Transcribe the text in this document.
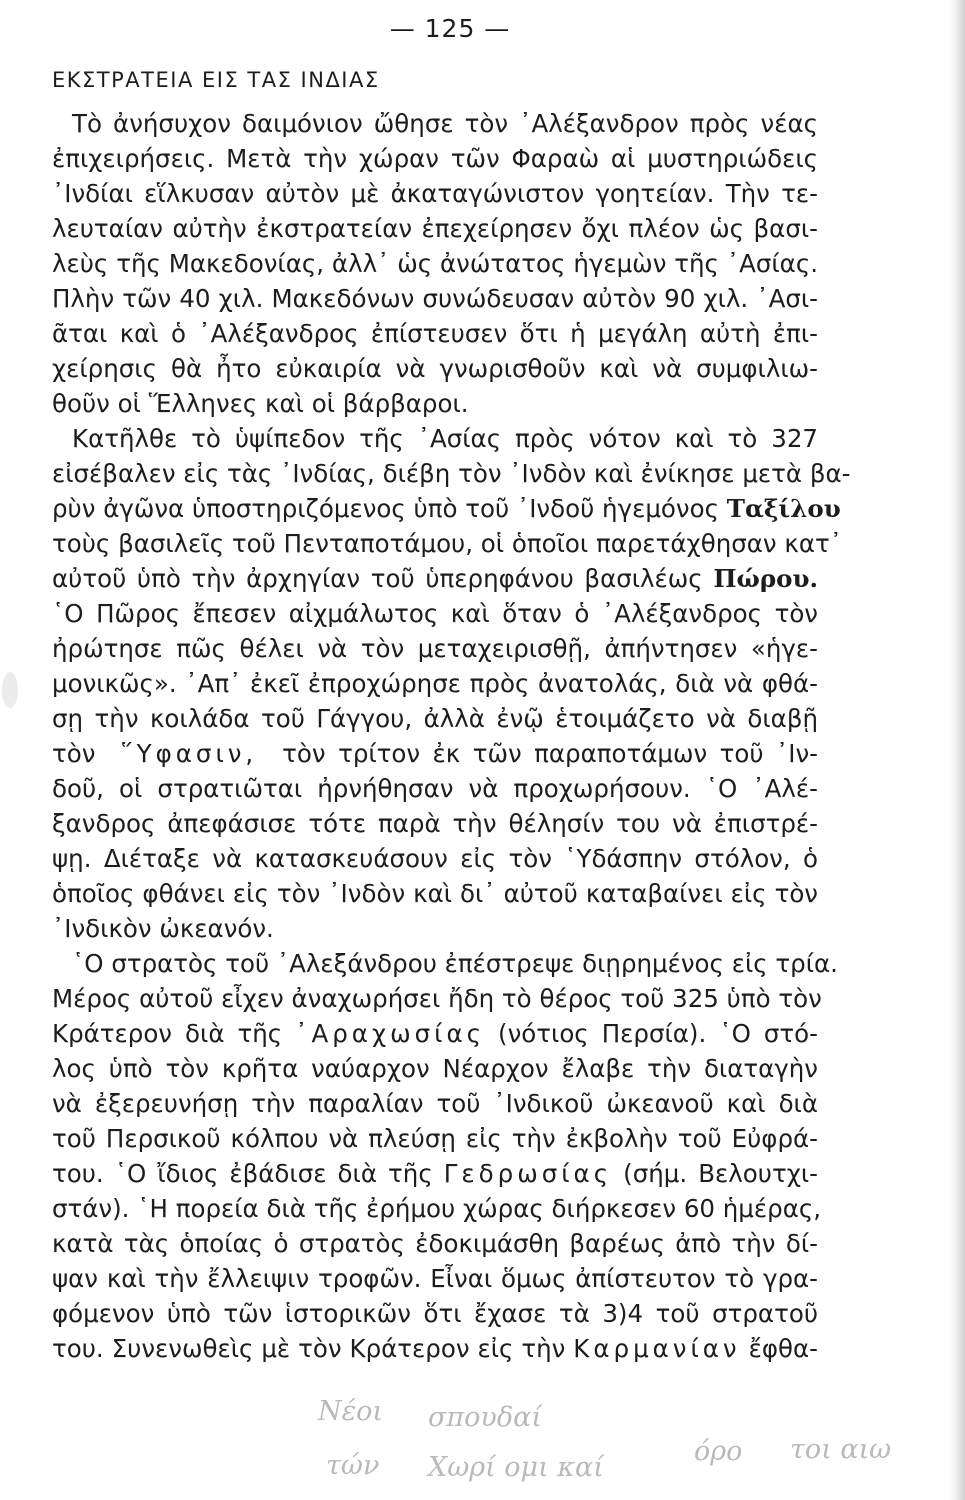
— 125 —
ΕΚΣΤΡΑΤΕΙΑ ΕΙΣ ΤΑΣ ΙΝΔΙΑΣ
Τὸ ἀνήσυχον δαιμόνιον ὤθησε τὸν ᾿Αλέξανδρον πρὸς νέας
ἐπιχειρήσεις. Μετὰ τὴν χώραν τῶν Φαραὼ αἱ μυστηριώδεις
᾿Ινδίαι εἵλκυσαν αὐτὸν μὲ ἀκαταγώνιστον γοητείαν. Τὴν τε-
λευταίαν αὐτὴν ἐκστρατείαν ἐπεχείρησεν ὄχι πλέον ὡς βασι-
λεὺς τῆς Μακεδονίας, ἀλλ᾿ ὡς ἀνώτατος ἡγεμὼν τῆς ᾿Ασίας.
Πλὴν τῶν 40 χιλ. Μακεδόνων συνώδευσαν αὐτὸν 90 χιλ. ᾿Ασι-
ᾶται καὶ ὁ ᾿Αλέξανδρος ἐπίστευσεν ὅτι ἡ μεγάλη αὐτὴ ἐπι-
χείρησις θὰ ἦτο εὐκαιρία νὰ γνωρισθοῦν καὶ νὰ συμφιλιω-
θοῦν οἱ Ἕλληνες καὶ οἱ βάρβαροι.
Κατῆλθε τὸ ὑψίπεδον τῆς ᾿Ασίας πρὸς νότον καὶ τὸ 327
εἰσέβαλεν εἰς τὰς ᾿Ινδίας, διέβη τὸν ᾿Ινδὸν καὶ ἐνίκησε μετὰ βα-
ρὺν ἀγῶνα ὑποστηριζόμενος ὑπὸ τοῦ ᾿Ινδοῦ ἡγεμόνος Ταξίλου
τοὺς βασιλεῖς τοῦ Πενταποτάμου, οἱ ὁποῖοι παρετάχθησαν κατ᾿
αὐτοῦ ὑπὸ τὴν ἀρχηγίαν τοῦ ὑπερηφάνου βασιλέως Πώρου.
῾Ο Πῶρος ἔπεσεν αἰχμάλωτος καὶ ὅταν ὁ ᾿Αλέξανδρος τὸν
ἠρώτησε πῶς θέλει νὰ τὸν μεταχειρισθῇ, ἀπήντησεν «ἡγε-
μονικῶς». ᾿Απ᾿ ἐκεῖ ἐπροχώρησε πρὸς ἀνατολάς, διὰ νὰ φθά-
σῃ τὴν κοιλάδα τοῦ Γάγγου, ἀλλὰ ἐνῷ ἑτοιμάζετο νὰ διαβῇ
τὸν ῞Υφασιν, τὸν τρίτον ἐκ τῶν παραποτάμων τοῦ ᾿Ιν-
δοῦ, οἱ στρατιῶται ἠρνήθησαν νὰ προχωρήσουν. ῾Ο ᾿Αλέ-
ξανδρος ἀπεφάσισε τότε παρὰ τὴν θέλησίν του νὰ ἐπιστρέ-
ψῃ. Διέταξε νὰ κατασκευάσουν εἰς τὸν ῾Υδάσπην στόλον, ὁ
ὁποῖος φθάνει εἰς τὸν ᾿Ινδὸν καὶ δι᾿ αὐτοῦ καταβαίνει εἰς τὸν
᾿Ινδικὸν ὠκεανόν.
῾Ο στρατὸς τοῦ ᾿Αλεξάνδρου ἐπέστρεψε διῃρημένος εἰς τρία.
Μέρος αὐτοῦ εἶχεν ἀναχωρήσει ἤδη τὸ θέρος τοῦ 325 ὑπὸ τὸν
Κράτερον διὰ τῆς ᾿Αραχωσίας (νότιος Περσία). ῾Ο στό-
λος ὑπὸ τὸν κρῆτα ναύαρχον Νέαρχον ἔλαβε τὴν διαταγὴν
νὰ ἐξερευνήσῃ τὴν παραλίαν τοῦ ᾿Ινδικοῦ ὠκεανοῦ καὶ διὰ
τοῦ Περσικοῦ κόλπου νὰ πλεύσῃ εἰς τὴν ἐκβολὴν τοῦ Εὐφρά-
του. ῾Ο ἴδιος ἐβάδισε διὰ τῆς Γεδρωσίας (σήμ. Βελουτχι-
στάν). ῾Η πορεία διὰ τῆς ἐρήμου χώρας διήρκεσεν 60 ἡμέρας,
κατὰ τὰς ὁποίας ὁ στρατὸς ἐδοκιμάσθη βαρέως ἀπὸ τὴν δί-
ψαν καὶ τὴν ἔλλειψιν τροφῶν. Εἶναι ὅμως ἀπίστευτον τὸ γρα-
φόμενον ὑπὸ τῶν ἱστορικῶν ὅτι ἔχασε τὰ 3)4 τοῦ στρατοῦ
του. Συνενωθεὶς μὲ τὸν Κράτερον εἰς τὴν Καρμανίαν ἔφθα-
Νέοι σπουδαί
τών Χωρί ομι καί
όρο τοι αιω
